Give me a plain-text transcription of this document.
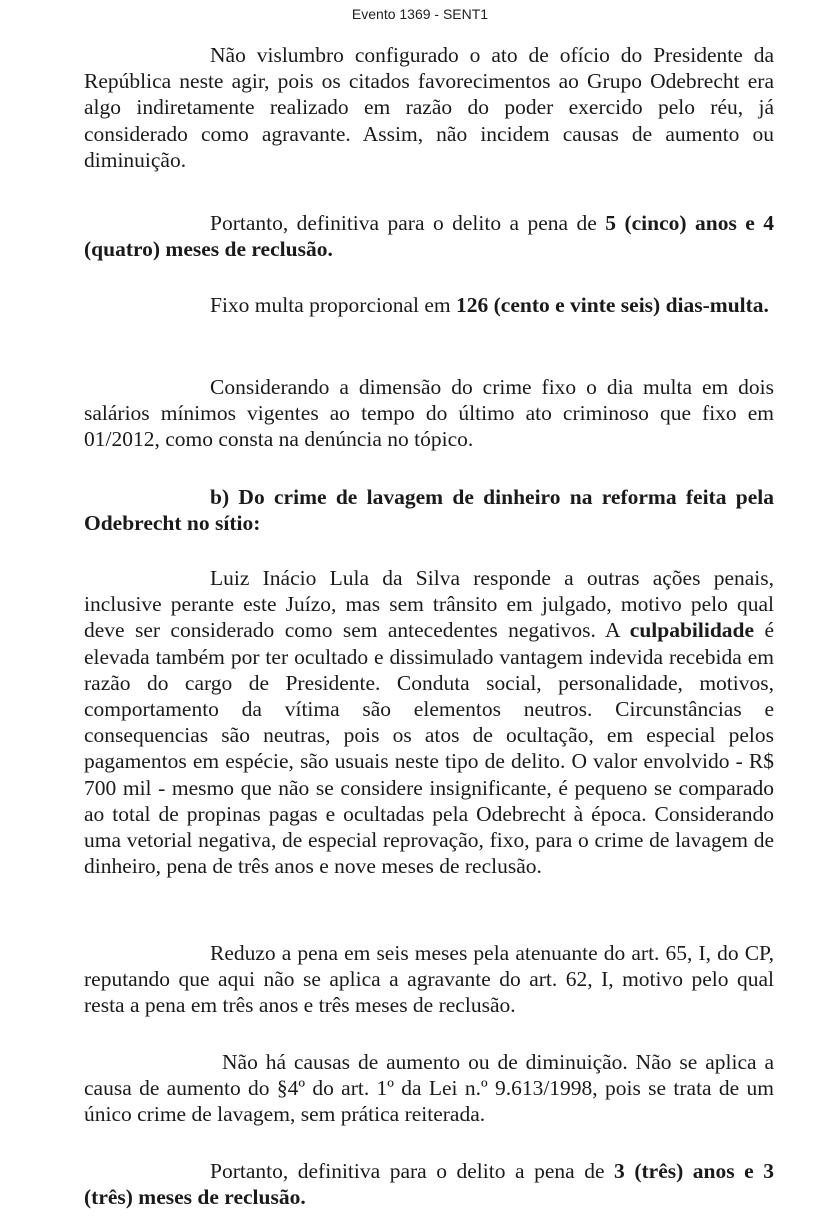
Evento 1369 - SENT1

Não vislumbro configurado o ato de ofício do Presidente da República neste agir, pois os citados favorecimentos ao Grupo Odebrecht era algo indiretamente realizado em razão do poder exercido pelo réu, já considerado como agravante. Assim, não incidem causas de aumento ou diminuição.

Portanto, definitiva para o delito a pena de 5 (cinco) anos e 4 (quatro) meses de reclusão.

Fixo multa proporcional em 126 (cento e vinte seis) dias-multa.

Considerando a dimensão do crime fixo o dia multa em dois salários mínimos vigentes ao tempo do último ato criminoso que fixo em 01/2012, como consta na denúncia no tópico.

b) Do crime de lavagem de dinheiro na reforma feita pela Odebrecht no sítio:

Luiz Inácio Lula da Silva responde a outras ações penais, inclusive perante este Juízo, mas sem trânsito em julgado, motivo pelo qual deve ser considerado como sem antecedentes negativos. A culpabilidade é elevada também por ter ocultado e dissimulado vantagem indevida recebida em razão do cargo de Presidente. Conduta social, personalidade, motivos, comportamento da vítima são elementos neutros. Circunstâncias e consequencias são neutras, pois os atos de ocultação, em especial pelos pagamentos em espécie, são usuais neste tipo de delito. O valor envolvido - R$ 700 mil - mesmo que não se considere insignificante, é pequeno se comparado ao total de propinas pagas e ocultadas pela Odebrecht à época. Considerando uma vetorial negativa, de especial reprovação, fixo, para o crime de lavagem de dinheiro, pena de três anos e nove meses de reclusão.

Reduzo a pena em seis meses pela atenuante do art. 65, I, do CP, reputando que aqui não se aplica a agravante do art. 62, I, motivo pelo qual resta a pena em três anos e três meses de reclusão.

Não há causas de aumento ou de diminuição. Não se aplica a causa de aumento do §4º do art. 1º da Lei n.º 9.613/1998, pois se trata de um único crime de lavagem, sem prática reiterada.

Portanto, definitiva para o delito a pena de 3 (três) anos e 3 (três) meses de reclusão.
